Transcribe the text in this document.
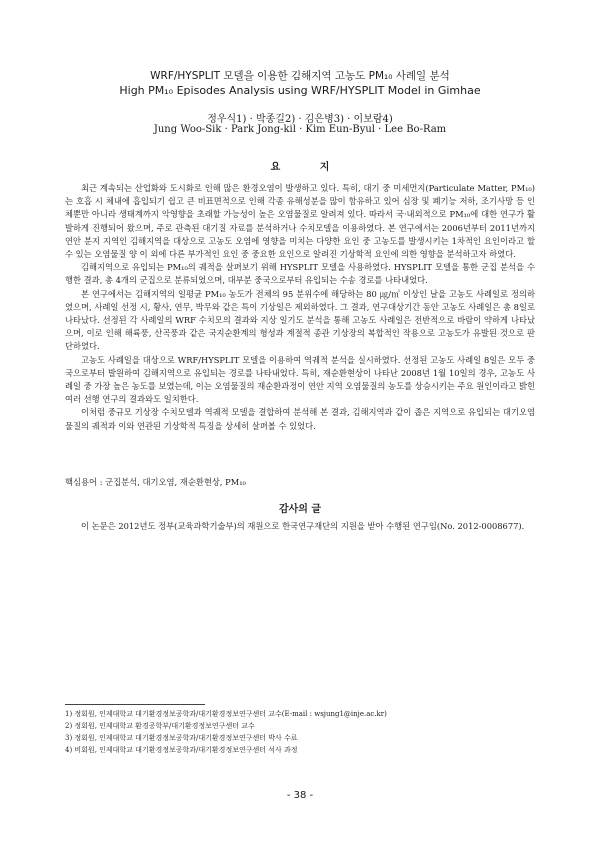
WRF/HYSPLIT 모델을 이용한 김해지역 고농도 PM₁₀ 사례일 분석
High PM₁₀ Episodes Analysis using WRF/HYSPLIT Model in Gimhae
정우식1) · 박종길2) · 김은병3) · 이보람4)
Jung Woo-Sik · Park Jong-kil · Kim Eun-Byul · Lee Bo-Ram
요 지

최근 계속되는 산업화와 도시화로 인해 많은 환경오염이 발생하고 있다. 특히, 대기 중 미세먼지(Particulate Matter, PM₁₀)는 호흡 시 체내에 흡입되기 쉽고 큰 비표면적으로 인해 각종 유해성분을 많이 함유하고 있어 심장 및 폐기능 저하, 조기사망 등 인체뿐만 아니라 생태계까지 악영향을 초래할 가능성이 높은 오염물질로 알려져 있다. 따라서 국·내외적으로 PM₁₀에 대한 연구가 활발하게 진행되어 왔으며, 주로 관측된 대기질 자료를 분석하거나 수치모델을 이용하였다. 본 연구에서는 2006년부터 2011년까지 연안 분지 지역인 김해지역을 대상으로 고농도 오염에 영향을 미치는 다양한 요인 중 고농도를 발생시키는 1차적인 요인이라고 할 수 있는 오염물질 양 이 외에 다른 부가적인 요인 중 중요한 요인으로 알려진 기상학적 요인에 의한 영향을 분석하고자 하였다.

김해지역으로 유입되는 PM₁₀의 궤적을 살펴보기 위해 HYSPLIT 모델을 사용하였다. HYSPLIT 모델을 통한 군집 분석을 수행한 결과, 총 4개의 군집으로 분류되었으며, 대부분 중국으로부터 유입되는 수송 경로를 나타내었다.

본 연구에서는 김해지역의 일평균 PM₁₀ 농도가 전체의 95 분위수에 해당하는 80 ㎍/㎥ 이상인 날을 고농도 사례일로 정의하였으며, 사례일 선정 시, 황사, 연무, 박무와 같은 특이 기상일은 제외하였다. 그 결과, 연구대상기간 동안 고농도 사례일은 총 8일로 나타났다. 선정된 각 사례일의 WRF 수치모의 결과와 지상 일기도 분석을 통해 고농도 사례일은 전반적으로 바람이 약하게 나타났으며, 이로 인해 해륙풍, 산곡풍과 같은 국지순환계의 형성과 계절적 종관 기상장의 복합적인 작용으로 고농도가 유발된 것으로 판단하였다.

고농도 사례일을 대상으로 WRF/HYSPLIT 모델을 이용하여 역궤적 분석을 실시하였다. 선정된 고농도 사례일 8일은 모두 중국으로부터 발원하여 김해지역으로 유입되는 경로를 나타내었다. 특히, 재순환현상이 나타난 2008년 1월 10일의 경우, 고농도 사례일 중 가장 높은 농도를 보였는데, 이는 오염물질의 재순환과정이 연안 지역 오염물질의 농도를 상승시키는 주요 원인이라고 밝힌 여러 선행 연구의 결과와도 일치한다.

이처럼 중규모 기상장 수치모델과 역궤적 모델을 결합하여 분석해 본 결과, 김해지역과 같이 좁은 지역으로 유입되는 대기오염물질의 궤적과 이와 연관된 기상학적 특징을 상세히 살펴볼 수 있었다.

핵심용어 : 군집분석, 대기오염, 재순환현상, PM₁₀
감사의 글
이 논문은 2012년도 정부(교육과학기술부)의 재원으로 한국연구재단의 지원을 받아 수행된 연구임(No. 2012-0008677).
1) 정회원, 인제대학교 대기환경정보공학과/대기환경정보연구센터 교수(E-mail : wsjung1@inje.ac.kr)
2) 정회원, 인제대학교 환경공학부/대기환경정보연구센터 교수
3) 정회원, 인제대학교 대기환경정보공학과/대기환경정보연구센터 박사 수료
4) 비회원, 인제대학교 대기환경정보공학과/대기환경정보연구센터 석사 과정
- 38 -
